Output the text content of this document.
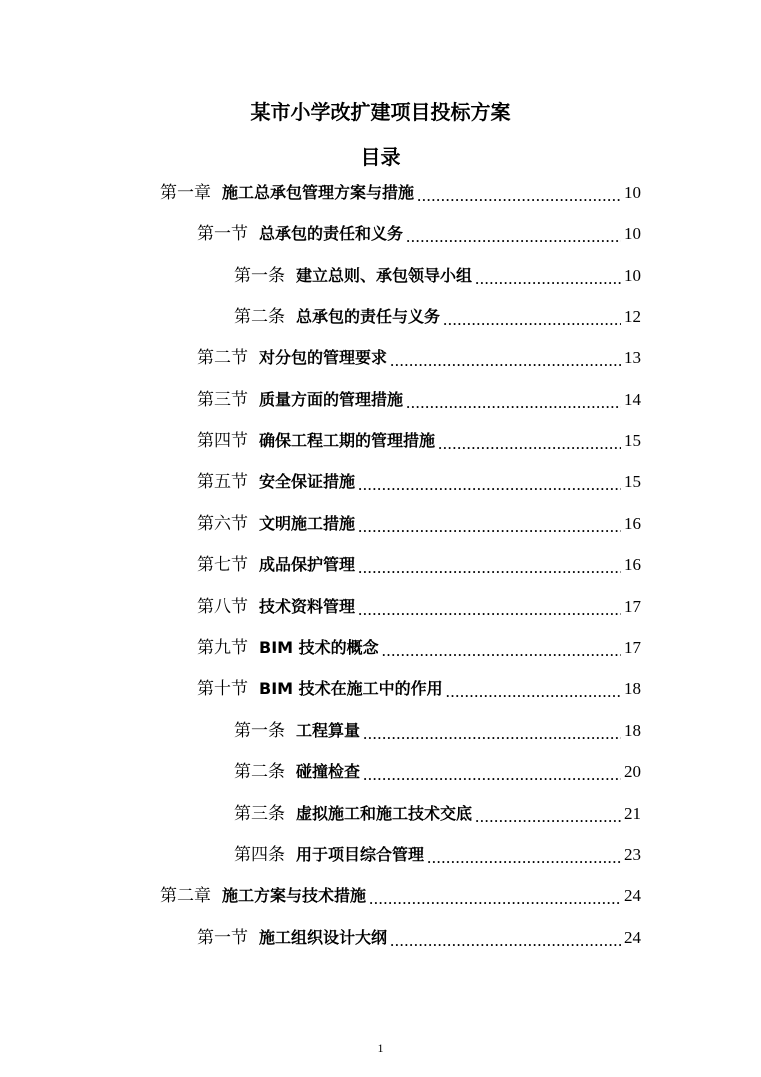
某市小学改扩建项目投标方案
目录
第一章 施工总承包管理方案与措施 .....	10
第一节 总承包的责任和义务 .....	10
第一条 建立总则、承包领导小组 .....	10
第二条 总承包的责任与义务 .....	12
第二节 对分包的管理要求 .....	13
第三节 质量方面的管理措施 .....	14
第四节 确保工程工期的管理措施 .....	15
第五节 安全保证措施 .....	15
第六节 文明施工措施 .....	16
第七节 成品保护管理 .....	16
第八节 技术资料管理 .....	17
第九节 BIM 技术的概念 .....	17
第十节 BIM 技术在施工中的作用 .....	18
第一条 工程算量 .....	18
第二条 碰撞检查 .....	20
第三条 虚拟施工和施工技术交底 .....	21
第四条 用于项目综合管理 .....	23
第二章 施工方案与技术措施 .....	24
第一节 施工组织设计大纲 .....	24
1
